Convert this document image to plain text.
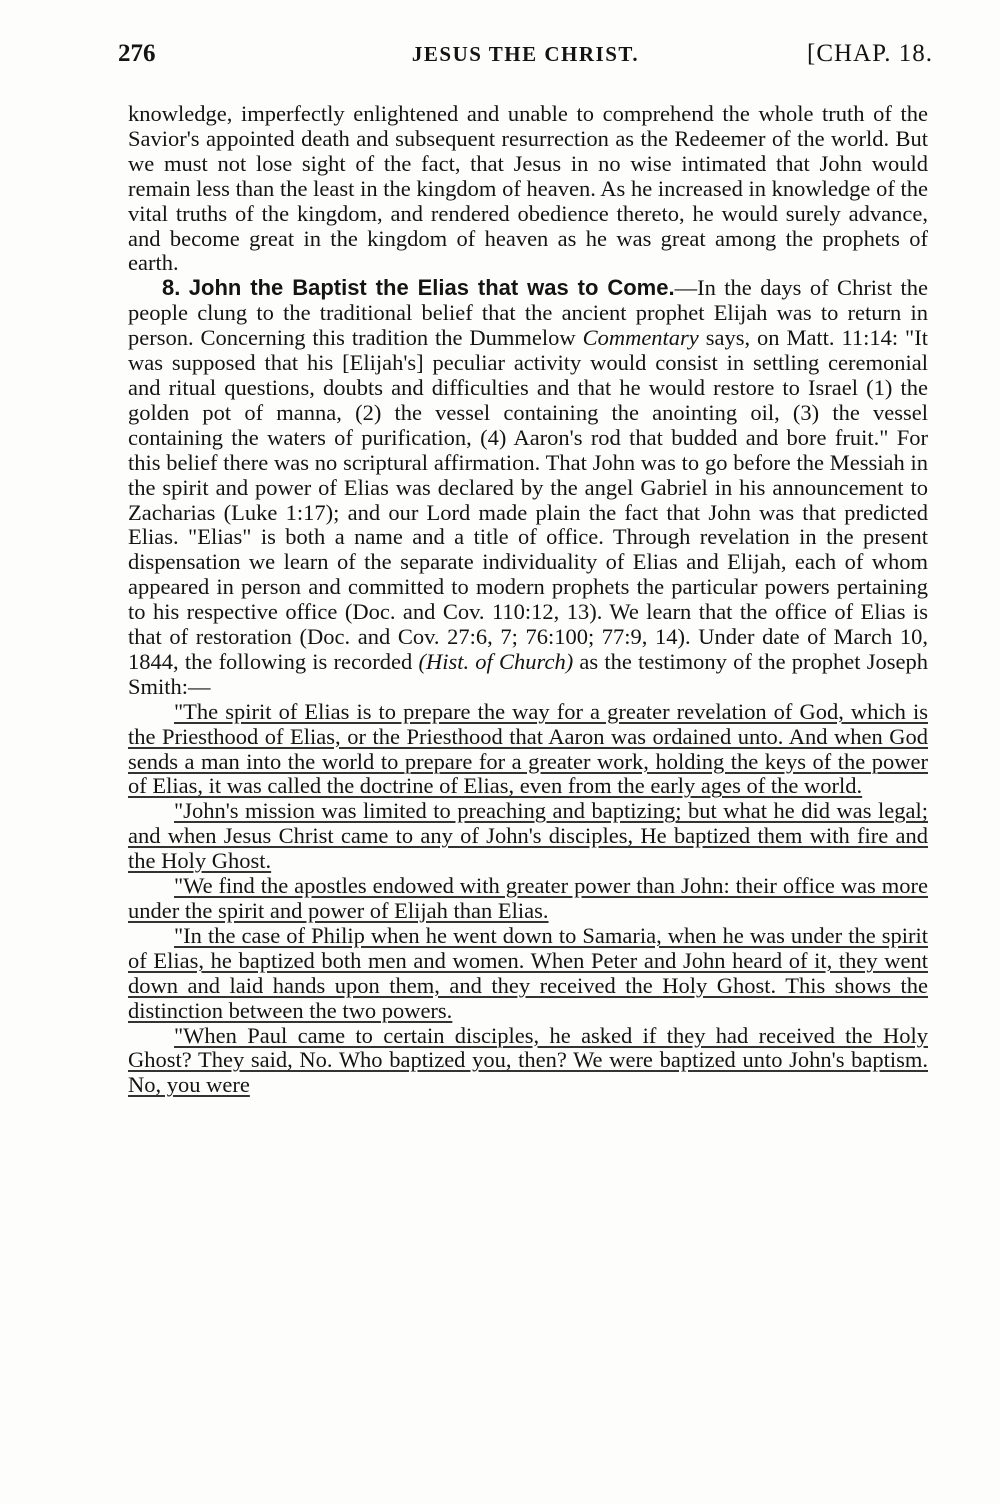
276	JESUS THE CHRIST.	[CHAP. 18.

knowledge, imperfectly enlightened and unable to comprehend the whole truth of the Savior's appointed death and subsequent resurrection as the Redeemer of the world. But we must not lose sight of the fact, that Jesus in no wise intimated that John would remain less than the least in the kingdom of heaven. As he increased in knowledge of the vital truths of the kingdom, and rendered obedience thereto, he would surely advance, and become great in the kingdom of heaven as he was great among the prophets of earth.

8. John the Baptist the Elias that was to Come.—In the days of Christ the people clung to the traditional belief that the ancient prophet Elijah was to return in person. Concerning this tradition the Dummelow Commentary says, on Matt. 11:14: "It was supposed that his [Elijah's] peculiar activity would consist in settling ceremonial and ritual questions, doubts and difficulties and that he would restore to Israel (1) the golden pot of manna, (2) the vessel containing the anointing oil, (3) the vessel containing the waters of purification, (4) Aaron's rod that budded and bore fruit." For this belief there was no scriptural affirmation. That John was to go before the Messiah in the spirit and power of Elias was declared by the angel Gabriel in his announcement to Zacharias (Luke 1:17); and our Lord made plain the fact that John was that predicted Elias. "Elias" is both a name and a title of office. Through revelation in the present dispensation we learn of the separate individuality of Elias and Elijah, each of whom appeared in person and committed to modern prophets the particular powers pertaining to his respective office (Doc. and Cov. 110:12, 13). We learn that the office of Elias is that of restoration (Doc. and Cov. 27:6, 7; 76:100; 77:9, 14). Under date of March 10, 1844, the following is recorded (Hist. of Church) as the testimony of the prophet Joseph Smith:—

"The spirit of Elias is to prepare the way for a greater revelation of God, which is the Priesthood of Elias, or the Priesthood that Aaron was ordained unto. And when God sends a man into the world to prepare for a greater work, holding the keys of the power of Elias, it was called the doctrine of Elias, even from the early ages of the world.

"John's mission was limited to preaching and baptizing; but what he did was legal; and when Jesus Christ came to any of John's disciples, He baptized them with fire and the Holy Ghost.

"We find the apostles endowed with greater power than John: their office was more under the spirit and power of Elijah than Elias.

"In the case of Philip when he went down to Samaria, when he was under the spirit of Elias, he baptized both men and women. When Peter and John heard of it, they went down and laid hands upon them, and they received the Holy Ghost. This shows the distinction between the two powers.

"When Paul came to certain disciples, he asked if they had received the Holy Ghost? They said, No. Who baptized you, then? We were baptized unto John's baptism. No, you were
